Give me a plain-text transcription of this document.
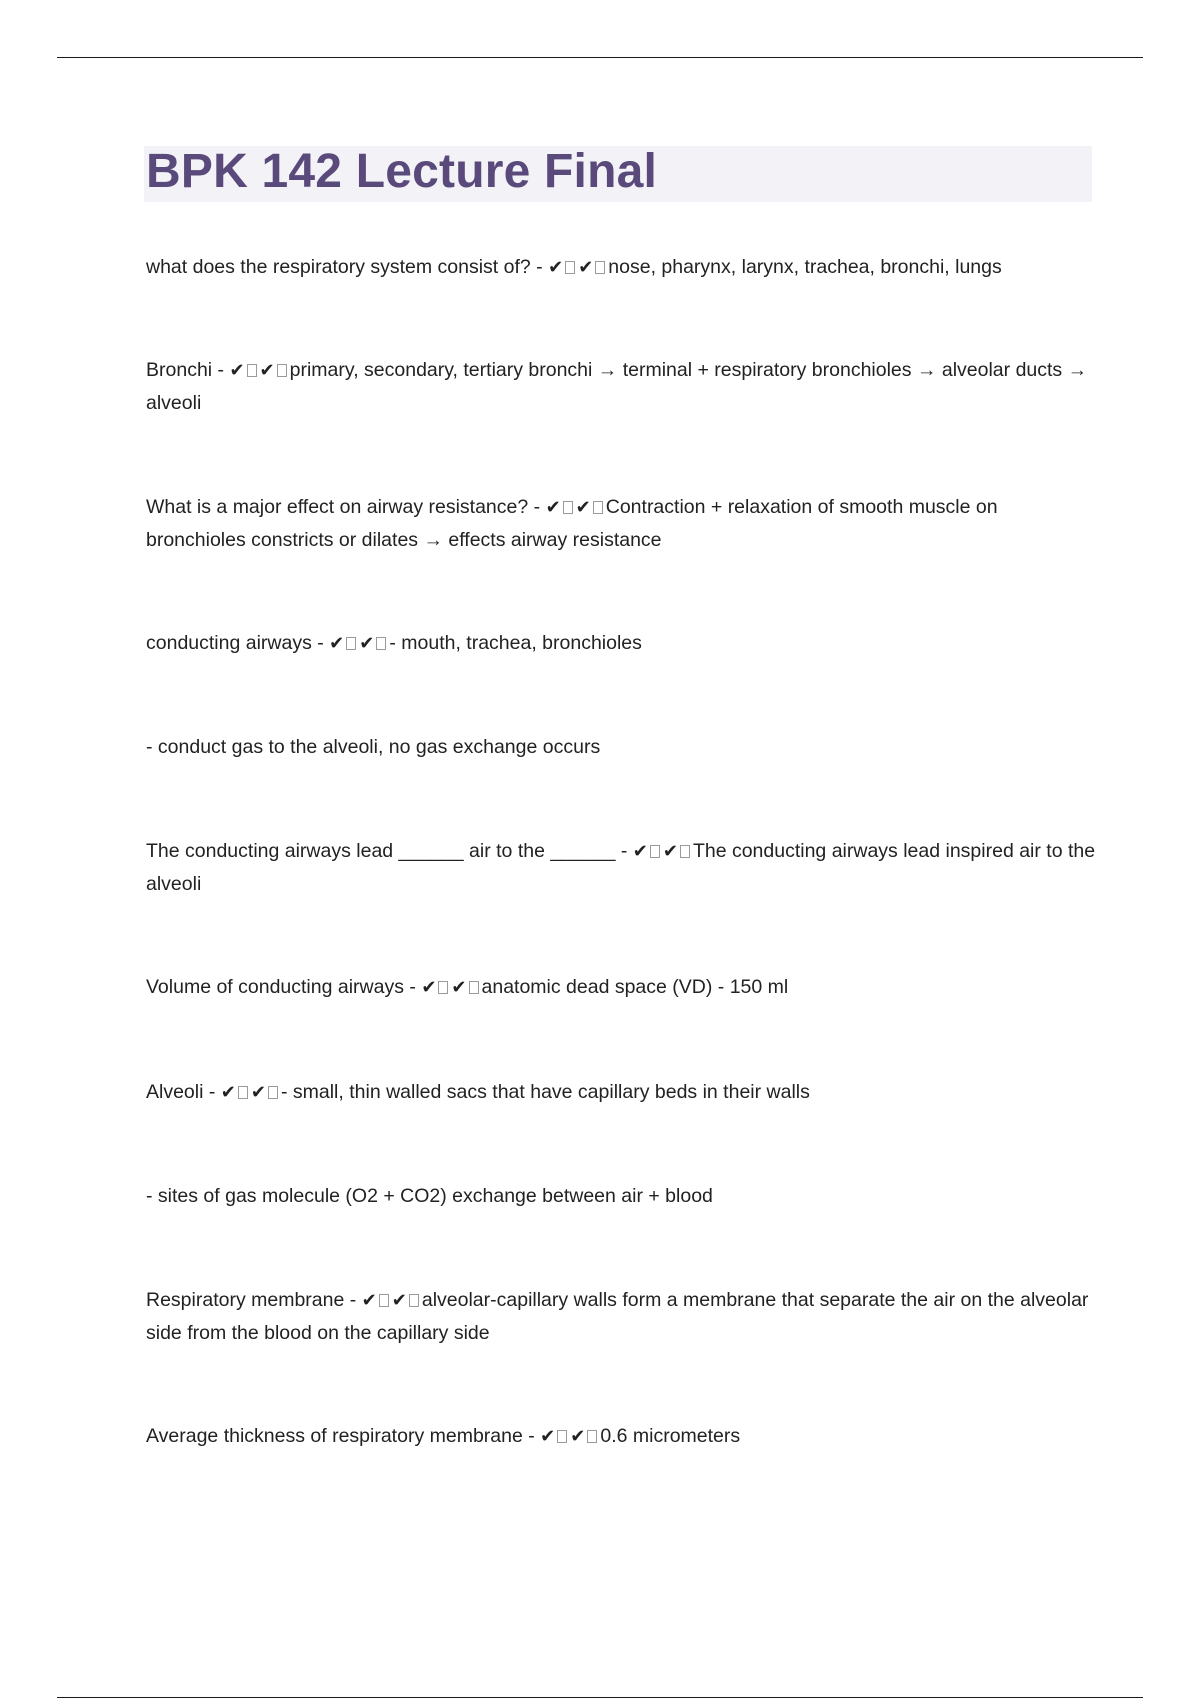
BPK 142 Lecture Final

what does the respiratory system consist of? - ✔ ✔ nose, pharynx, larynx, trachea, bronchi, lungs

Bronchi - ✔ ✔ primary, secondary, tertiary bronchi → terminal + respiratory bronchioles → alveolar ducts → alveoli

What is a major effect on airway resistance? - ✔ ✔ Contraction + relaxation of smooth muscle on bronchioles constricts or dilates → effects airway resistance

conducting airways - ✔ ✔ - mouth, trachea, bronchioles

- conduct gas to the alveoli, no gas exchange occurs

The conducting airways lead ______ air to the ______ - ✔ ✔ The conducting airways lead inspired air to the alveoli

Volume of conducting airways - ✔ ✔ anatomic dead space (VD) - 150 ml

Alveoli - ✔ ✔ - small, thin walled sacs that have capillary beds in their walls

- sites of gas molecule (O2 + CO2) exchange between air + blood

Respiratory membrane - ✔ ✔ alveolar-capillary walls form a membrane that separate the air on the alveolar side from the blood on the capillary side

Average thickness of respiratory membrane - ✔ ✔ 0.6 micrometers
